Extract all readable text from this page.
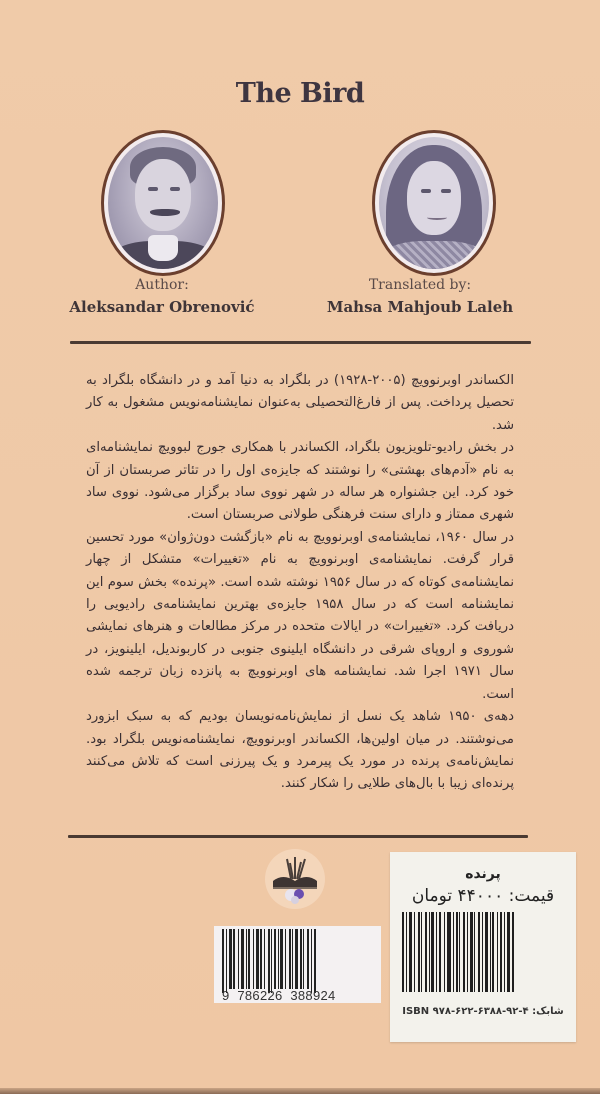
The Bird
Author:
Aleksandar Obrenović
Translated by:
Mahsa Mahjoub Laleh

الکساندر اوبرنوویچ (۲۰۰۵-۱۹۲۸) در بلگراد به دنیا آمد و در دانشگاه بلگراد به تحصیل پرداخت. پس از فارغ‌التحصیلی به‌عنوان نمایشنامه‌نویس مشغول به کار شد.

در بخش رادیو-تلویزیون بلگراد، الکساندر با همکاری جورج لبوویچ نمایشنامه‌ای به نام «آدم‌های بهشتی» را نوشتند که جایزه‌ی اول را در تئاتر صربستان از آن خود کرد. این جشنواره هر ساله در شهر نووی ساد برگزار می‌شود. نووی ساد شهری ممتاز و دارای سنت فرهنگی طولانی صربستان است.

در سال ۱۹۶۰، نمایشنامه‌ی اوبرنوویچ به نام «بازگشت دون‌ژوان» مورد تحسین قرار گرفت. نمایشنامه‌ی اوبرنوویچ به نام «تغییرات» متشکل از چهار نمایشنامه‌ی کوتاه که در سال ۱۹۵۶ نوشته شده است. «پرنده» بخش سوم این نمایشنامه است که در سال ۱۹۵۸ جایزه‌ی بهترین نمایشنامه‌ی رادیویی را دریافت کرد. «تغییرات» در ایالات متحده در مرکز مطالعات و هنرهای نمایشی شوروی و اروپای شرقی در دانشگاه ایلینوی جنوبی در کاربوندیل، ایلینویز، در سال ۱۹۷۱ اجرا شد. نمایشنامه های اوبرنوویچ به پانزده زبان ترجمه شده است.

دهه‌ی ۱۹۵۰ شاهد یک نسل از نمایش‌نامه‌نویسان بودیم که به سبک ابزورد می‌نوشتند. در میان اولین‌ها، الکساندر اوبرنوویچ، نمایشنامه‌نویس بلگراد بود. نمایش‌نامه‌ی پرنده در مورد یک پیرمرد و یک پیرزنی است که تلاش می‌کنند پرنده‌ای زیبا با بال‌های طلایی را شکار کنند.

9  786226  388924
پرنده
قیمت: ۴۴۰۰۰ تومان
شابک: ۴-۹۲-۶۳۸۸-۶۲۲-۹۷۸ ISBN
